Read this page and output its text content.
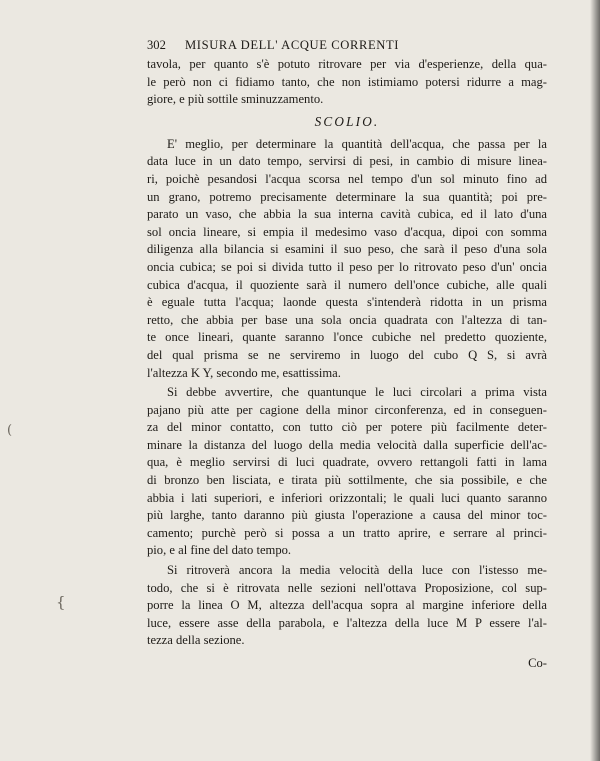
(
{
302	MISURA DELL' ACQUE CORRENTI
tavola, per quanto s'è potuto ritrovare per via d'esperienze, della qua-
le però non ci fidiamo tanto, che non istimiamo potersi ridurre a mag-
giore, e più sottile sminuzzamento.
SCOLIO.
E' meglio, per determinare la quantità dell'acqua, che passa per la
data luce in un dato tempo, servirsi di pesi, in cambio di misure linea-
ri, poichè pesandosi l'acqua scorsa nel tempo d'un sol minuto fino ad
un grano, potremo precisamente determinare la sua quantità; poi pre-
parato un vaso, che abbia la sua interna cavità cubica, ed il lato d'una
sol oncia lineare, si empia il medesimo vaso d'acqua, dipoi con somma
diligenza alla bilancia si esamini il suo peso, che sarà il peso d'una sola
oncia cubica; se poi si divida tutto il peso per lo ritrovato peso d'un' oncia
cubica d'acqua, il quoziente sarà il numero dell'once cubiche, alle quali
è eguale tutta l'acqua; laonde questa s'intenderà ridotta in un prisma
retto, che abbia per base una sola oncia quadrata con l'altezza di tan-
te once lineari, quante saranno l'once cubiche nel predetto quoziente,
del qual prisma se ne serviremo in luogo del cubo Q S, si avrà
l'altezza K Y, secondo me, esattissima.
Si debbe avvertire, che quantunque le luci circolari a prima vista
pajano più atte per cagione della minor circonferenza, ed in conseguen-
za del minor contatto, con tutto ciò per potere più facilmente deter-
minare la distanza del luogo della media velocità dalla superficie dell'ac-
qua, è meglio servirsi di luci quadrate, ovvero rettangoli fatti in lama
di bronzo ben lisciata, e tirata più sottilmente, che sia possibile, e che
abbia i lati superiori, e inferiori orizzontali; le quali luci quanto saranno
più larghe, tanto daranno più giusta l'operazione a causa del minor toc-
camento; purchè però si possa a un tratto aprire, e serrare al princi-
pio, e al fine del dato tempo.
Si ritroverà ancora la media velocità della luce con l'istesso me-
todo, che si è ritrovata nelle sezioni nell'ottava Proposizione, col sup-
porre la linea O M, altezza dell'acqua sopra al margine inferiore della
luce, essere asse della parabola, e l'altezza della luce M P essere l'al-
tezza della sezione.
Co-
